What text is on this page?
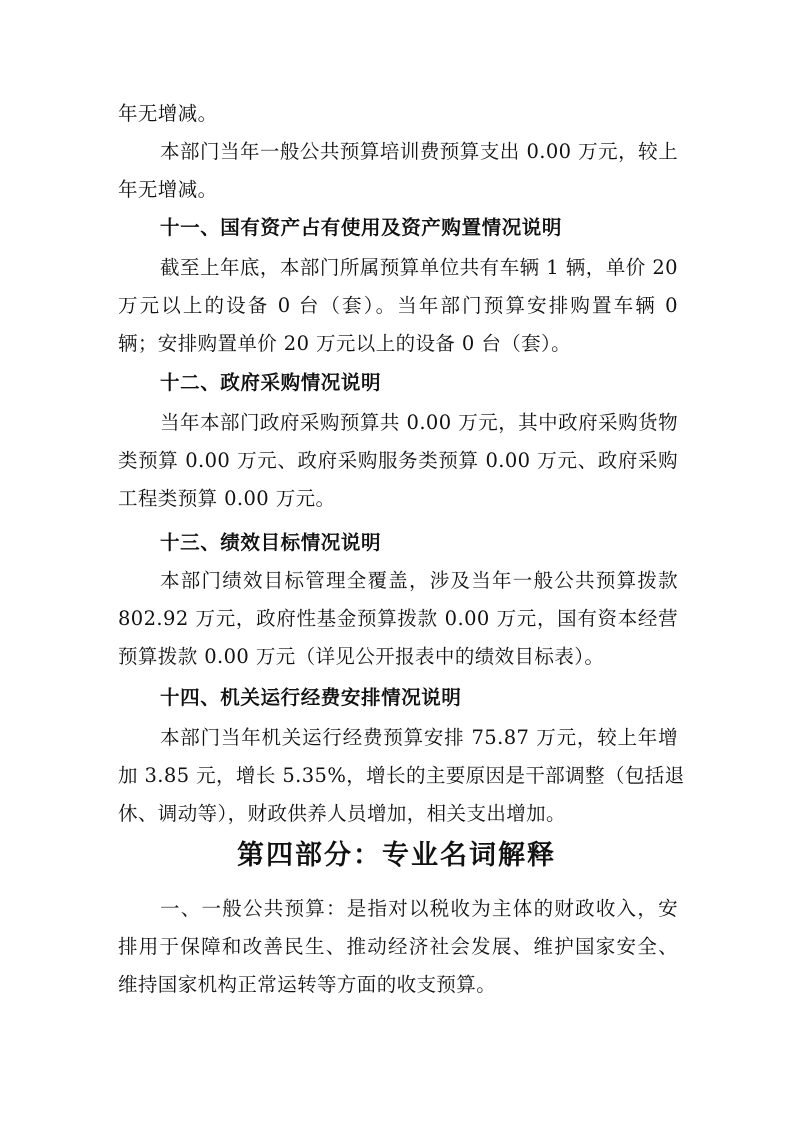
年无增减。
本部门当年一般公共预算培训费预算支出 0.00 万元，较上
年无增减。
十一、国有资产占有使用及资产购置情况说明
截至上年底，本部门所属预算单位共有车辆 1 辆，单价 20
万元以上的设备 0 台（套）。当年部门预算安排购置车辆 0
辆；安排购置单价 20 万元以上的设备 0 台（套）。
十二、政府采购情况说明
当年本部门政府采购预算共 0.00 万元，其中政府采购货物
类预算 0.00 万元、政府采购服务类预算 0.00 万元、政府采购
工程类预算 0.00 万元。
十三、绩效目标情况说明
本部门绩效目标管理全覆盖，涉及当年一般公共预算拨款
802.92 万元，政府性基金预算拨款 0.00 万元，国有资本经营
预算拨款 0.00 万元（详见公开报表中的绩效目标表）。
十四、机关运行经费安排情况说明
本部门当年机关运行经费预算安排 75.87 万元，较上年增
加 3.85 元，增长 5.35%，增长的主要原因是干部调整（包括退
休、调动等），财政供养人员增加，相关支出增加。
第四部分：专业名词解释
一、一般公共预算：是指对以税收为主体的财政收入，安
排用于保障和改善民生、推动经济社会发展、维护国家安全、
维持国家机构正常运转等方面的收支预算。
